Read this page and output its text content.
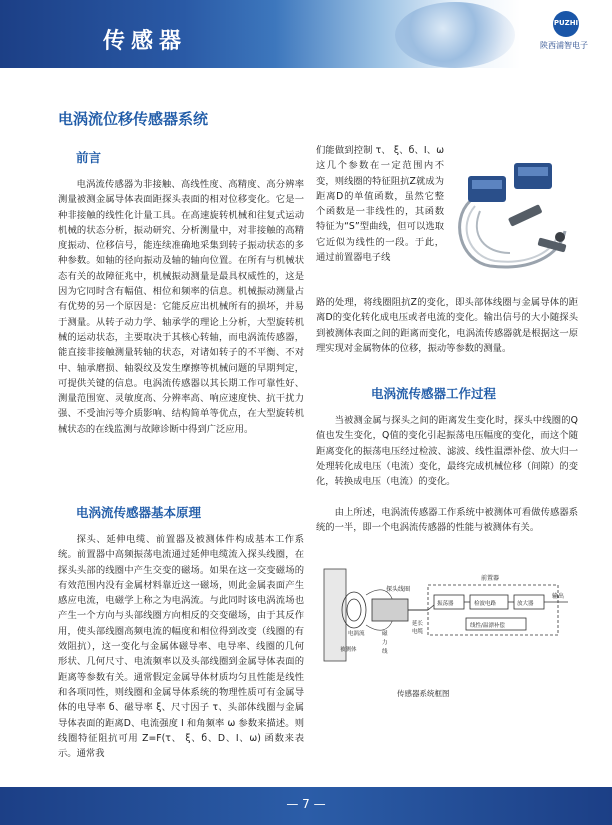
传感器
PUZHI
陕西浦智电子
电涡流位移传感器系统
前言

电涡流传感器为非接触、高线性度、高精度、高分辨率测量被测金属导体表面距探头表面的相对位移变化。它是一种非接触的线性化计量工具。在高速旋转机械和往复式运动机械的状态分析，振动研究、分析测量中，对非接触的高精度振动、位移信号，能连续准确地采集到转子振动状态的多种参数。如轴的径向振动及轴的轴向位置。在所有与机械状态有关的故障征兆中，机械振动测量是最具权威性的，这是因为它同时含有幅值、相位和频率的信息。机械振动测量占有优势的另一个原因是：它能反应出机械所有的损坏，并易于测量。从转子动力学、轴承学的理论上分析，大型旋转机械的运动状态，主要取决于其核心转轴，而电涡流传感器，能直接非接触测量转轴的状态，对诸如转子的不平衡、不对中、轴承磨损、轴裂纹及发生摩擦等机械问题的早期判定，可提供关键的信息。电涡流传感器以其长期工作可靠性好、测量范围宽、灵敏度高、分辨率高、响应速度快、抗干扰力强、不受油污等介质影响、结构简单等优点，在大型旋转机械状态的在线监测与故障诊断中得到广泛应用。

电涡流传感器基本原理

探头、延伸电缆、前置器及被测体件构成基本工作系统。前置器中高频振荡电流通过延伸电缆流入探头线圈，在探头头部的线圈中产生交变的磁场。如果在这一交变磁场的有效范围内没有金属材料靠近这一磁场，则此金属表面产生感应电流，电磁学上称之为电涡流。与此同时该电涡流场也产生一个方向与头部线圈方向相反的交变磁场，由于其反作用，使头部线圈高频电流的幅度和相位得到改变（线圈的有效阻抗），这一变化与金属体磁导率、电导率、线圈的几何形状、几何尺寸、电流频率以及头部线圈到金属导体表面的距离等参数有关。通常假定金属导体材质均匀且性能是线性和各项同性，则线圈和金属导体系统的物理性质可有金属导体的电导率 б、磁导率 ξ、尺寸因子 τ、头部体线圈与金属导体表面的距离D、电流强度 I 和角频率 ω 参数来描述。则线圈特征阻抗可用 Z=F(τ、 ξ、б、D、I、ω) 函数来表示。通常我

们能做到控制 τ、 ξ、б、I、ω 这几个参数在一定范围内不变，则线圈的特征阻抗Z就成为距离D的单值函数，虽然它整个函数是一非线性的，其函数特征为“S”型曲线，但可以选取它近似为线性的一段。于此，通过前置器电子线

路的处理，将线圈阻抗Z的变化，即头部体线圈与金属导体的距离D的变化转化成电压或者电流的变化。输出信号的大小随探头到被测体表面之间的距离而变化，电涡流传感器就是根据这一原理实现对金属物体的位移，振动等参数的测量。

电涡流传感器工作过程

当被测金属与探头之间的距离发生变化时，探头中线圈的Q值也发生变化，Q值的变化引起振荡电压幅度的变化，而这个随距离变化的振荡电压经过检波、滤波、线性温漂补偿、放大归一处理转化成电压（电流）变化，最终完成机械位移（间隙）的变化，转换成电压（电流）的变化。

由上所述，电涡流传感器工作系统中被测体可看做传感器系统的一半，即一个电涡流传感器的性能与被测体有关。

探头线圈
前置器
振荡器	检波电路	放大器
输出
电涡流
被测体
磁
力
线
延长
电缆
线性/温漂补偿
传感器系统框图
— 7 —
